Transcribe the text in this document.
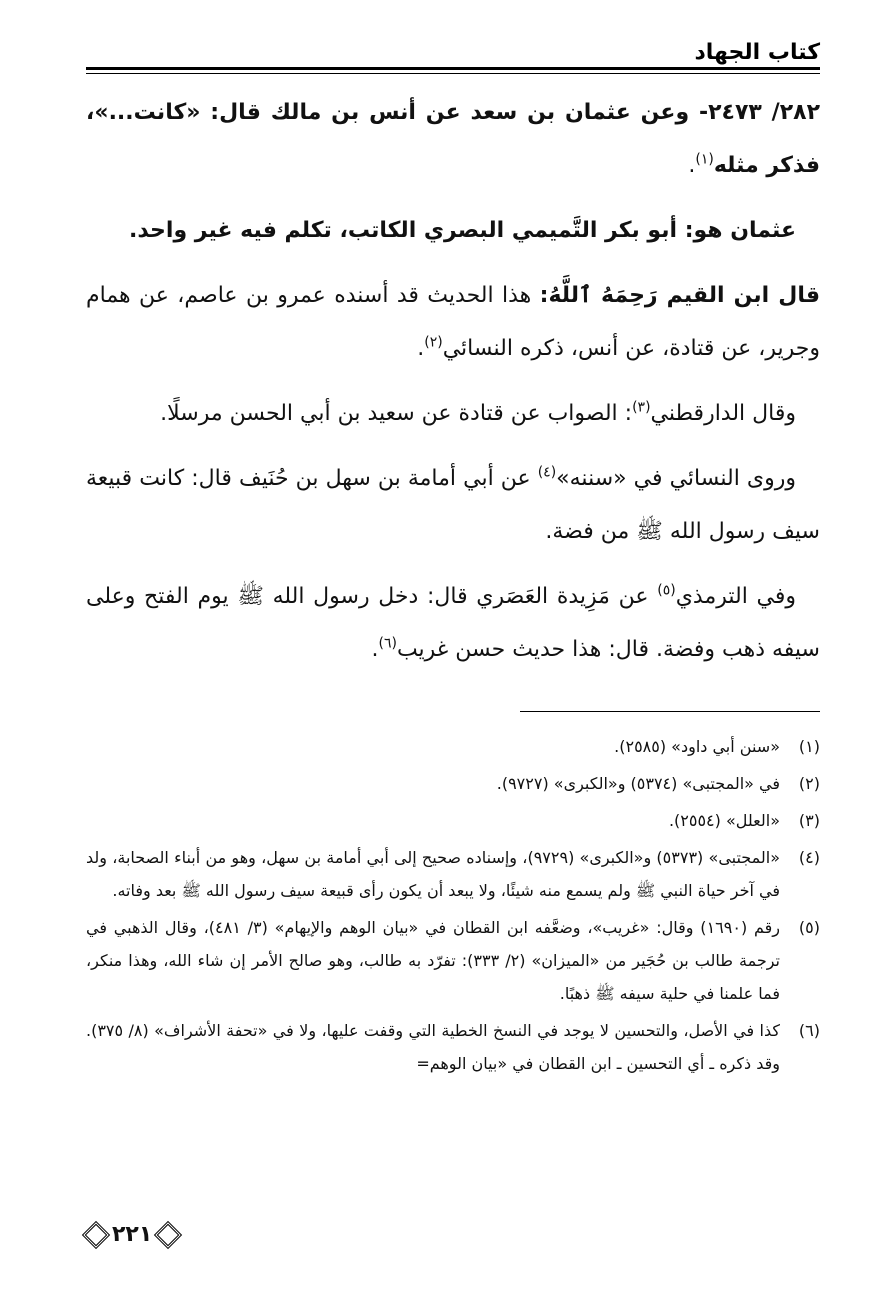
كتاب الجهاد

٢٨٢/ ٢٤٧٣- وعن عثمان بن سعد عن أنس بن مالك قال: «كانت...»، فذكر مثله$^{(١)}$.

عثمان هو: أبو بكر التَّميمي البصري الكاتب، تكلم فيه غير واحد.

قال ابن القيم رَحِمَهُ ٱللَّهُ: هذا الحديث قد أسنده عمرو بن عاصم، عن همام وجرير، عن قتادة، عن أنس، ذكره النسائي$^{(٢)}$.

وقال الدارقطني$^{(٣)}$: الصواب عن قتادة عن سعيد بن أبي الحسن مرسلًا.

وروى النسائي في «سننه»$^{(٤)}$ عن أبي أمامة بن سهل بن حُنَيف قال: كانت قبيعة سيف رسول الله ﷺ من فضة.

وفي الترمذي$^{(٥)}$ عن مَزِيدة العَصَري قال: دخل رسول الله ﷺ يوم الفتح وعلى سيفه ذهب وفضة. قال: هذا حديث حسن غريب$^{(٦)}$.

(١)
«سنن أبي داود» (٢٥٨٥).
(٢)
في «المجتبى» (٥٣٧٤) و«الكبرى» (٩٧٢٧).
(٣)
«العلل» (٢٥٥٤).
(٤)
«المجتبى» (٥٣٧٣) و«الكبرى» (٩٧٢٩)، وإسناده صحيح إلى أبي أمامة بن سهل، وهو من أبناء الصحابة، ولد في آخر حياة النبي ﷺ ولم يسمع منه شيئًا، ولا يبعد أن يكون رأى قبيعة سيف رسول الله ﷺ بعد وفاته.
(٥)
رقم (١٦٩٠) وقال: «غريب»، وضعَّفه ابن القطان في «بيان الوهم والإيهام» (٣/ ٤٨١)، وقال الذهبي في ترجمة طالب بن حُجَير من «الميزان» (٢/ ٣٣٣): تفرّد به طالب، وهو صالح الأمر إن شاء الله، وهذا منكر، فما علمنا في حلية سيفه ﷺ ذهبًا.
(٦)
كذا في الأصل، والتحسين لا يوجد في النسخ الخطية التي وقفت عليها، ولا في «تحفة الأشراف» (٨/ ٣٧٥). وقد ذكره ـ أي التحسين ـ ابن القطان في «بيان الوهم=
٢٢١
